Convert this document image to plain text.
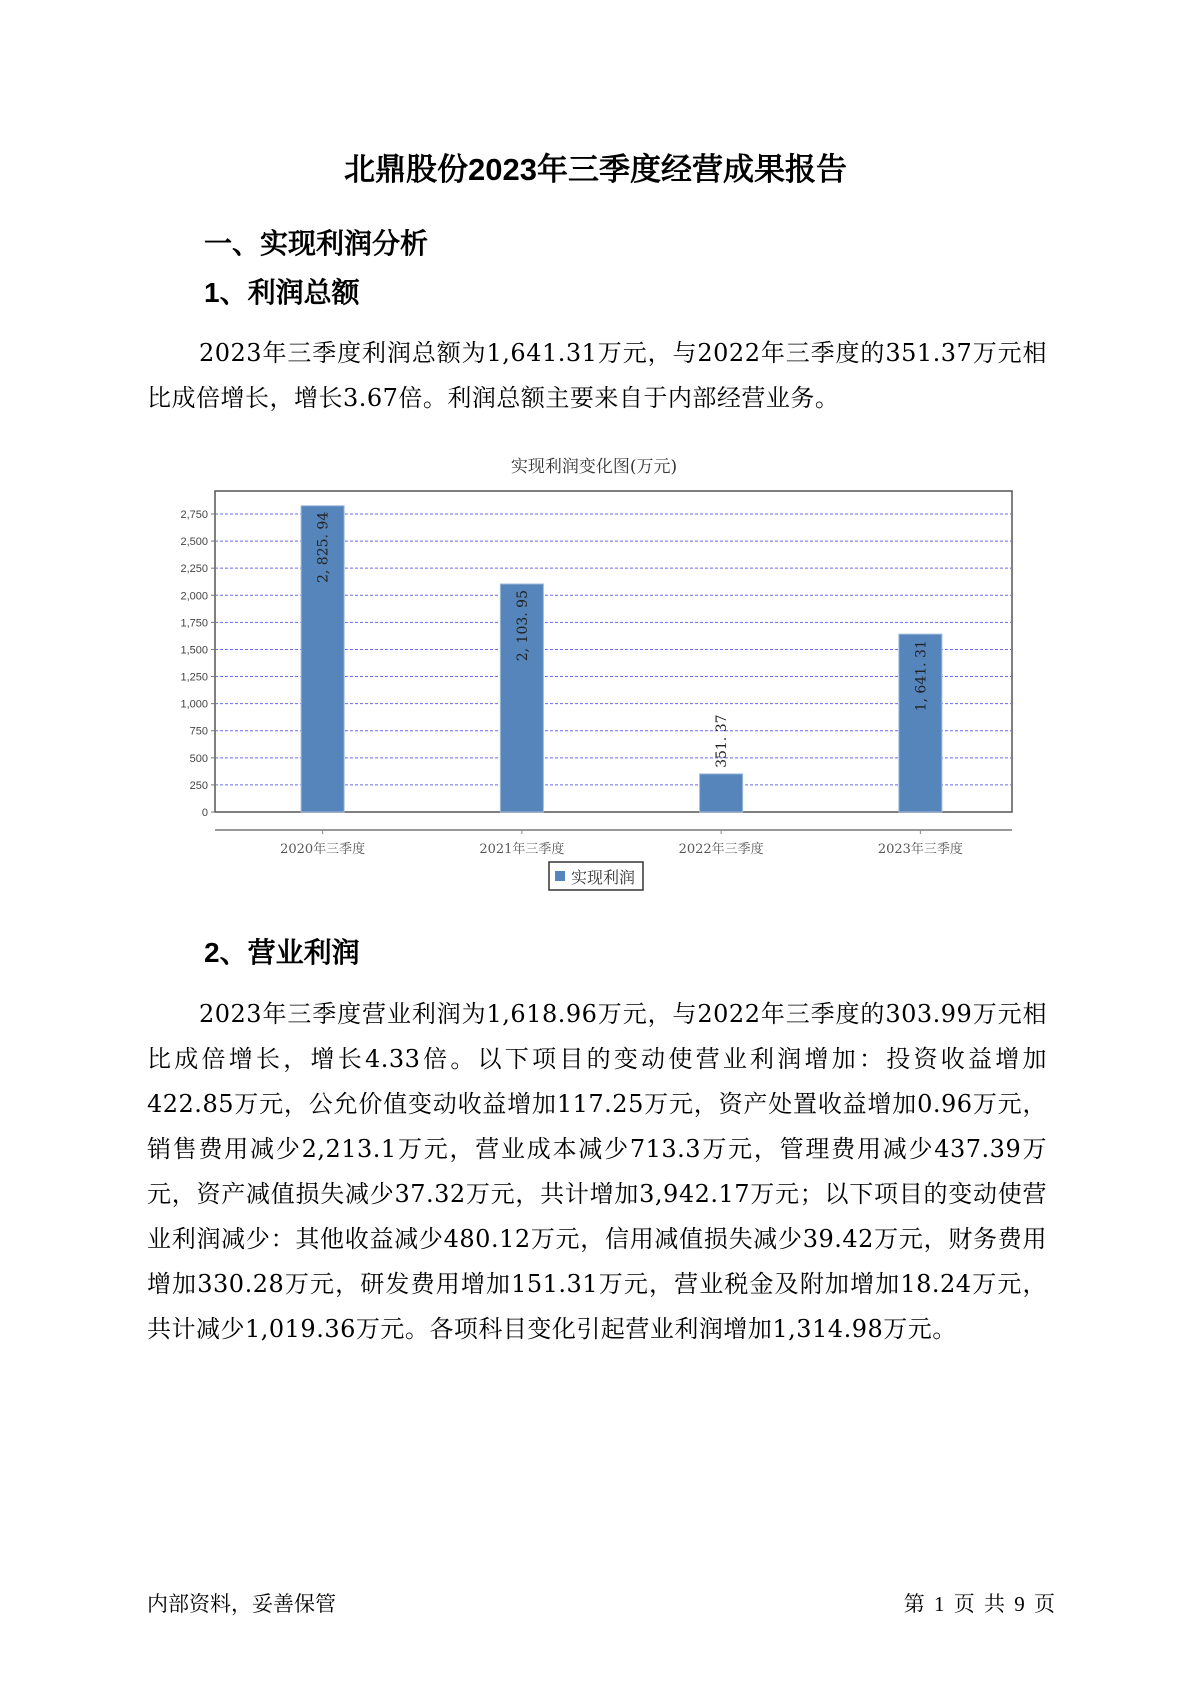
北鼎股份2023年三季度经营成果报告
一、实现利润分析
1、利润总额
2023年三季度利润总额为1,641.31万元，与2022年三季度的351.37万元相比成倍增长，增长3.67倍。利润总额主要来自于内部经营业务。
实现利润变化图(万元)
0
250
500
750
1,000
1,250
1,500
1,750
2,000
2,250
2,500
2,750	2, 825. 94
2, 103. 95
351. 37
1, 641. 31
2020年三季度	2021年三季度	2022年三季度	2023年三季度
实现利润
2、营业利润
2023年三季度营业利润为1,618.96万元，与2022年三季度的303.99万元相比成倍增长，增长4.33倍。以下项目的变动使营业利润增加：投资收益增加422.85万元，公允价值变动收益增加117.25万元，资产处置收益增加0.96万元，销售费用减少2,213.1万元，营业成本减少713.3万元，管理费用减少437.39万元，资产减值损失减少37.32万元，共计增加3,942.17万元；以下项目的变动使营业利润减少：其他收益减少480.12万元，信用减值损失减少39.42万元，财务费用增加330.28万元，研发费用增加151.31万元，营业税金及附加增加18.24万元，共计减少1,019.36万元。各项科目变化引起营业利润增加1,314.98万元。
内部资料，妥善保管	第 1 页 共 9 页
